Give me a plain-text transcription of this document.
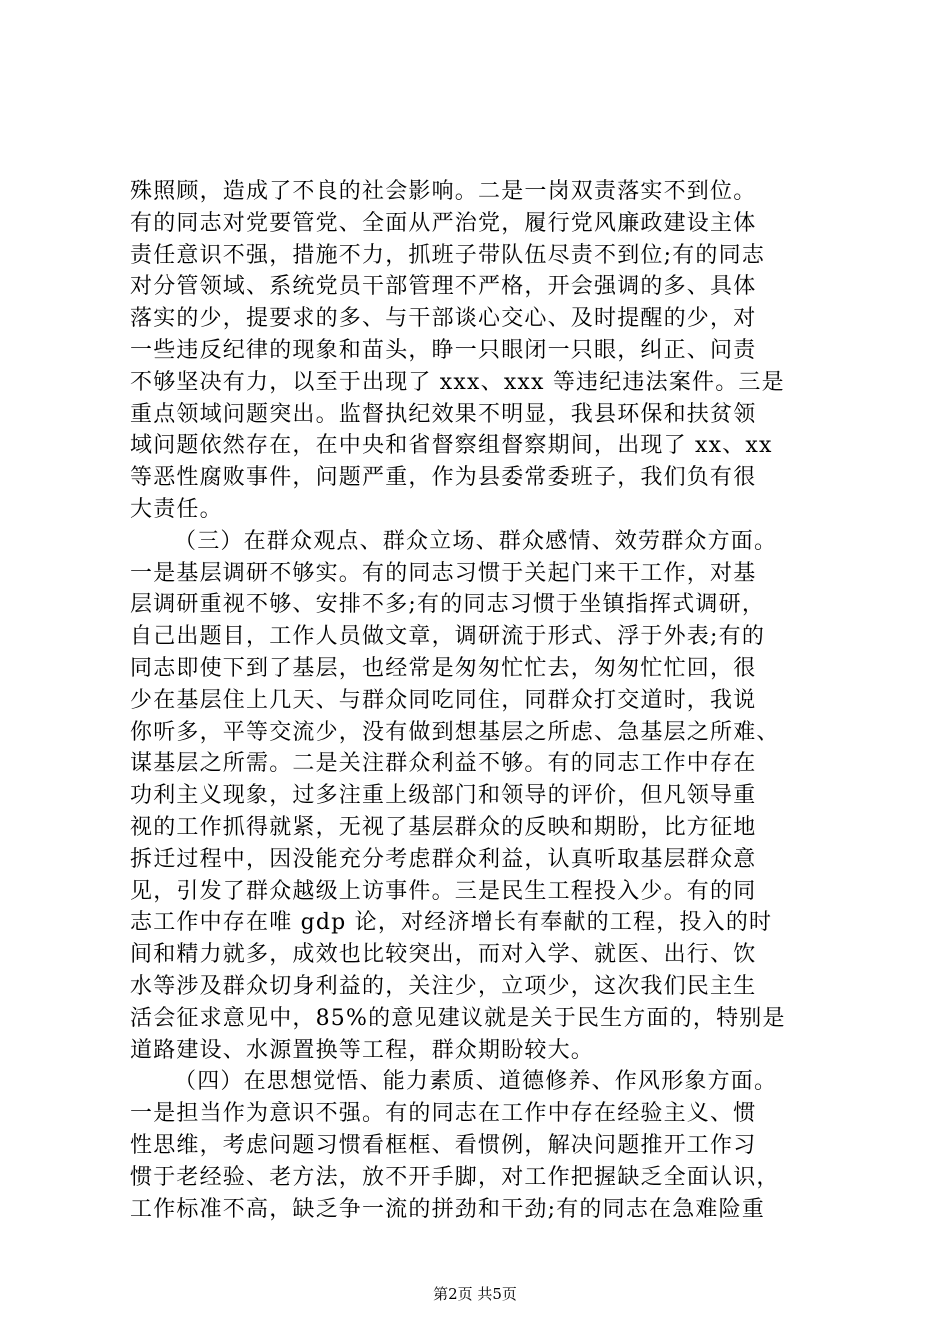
殊照顾，造成了不良的社会影响。二是一岗双责落实不到位。
有的同志对党要管党、全面从严治党，履行党风廉政建设主体
责任意识不强，措施不力，抓班子带队伍尽责不到位;有的同志
对分管领域、系统党员干部管理不严格，开会强调的多、具体
落实的少，提要求的多、与干部谈心交心、及时提醒的少，对
一些违反纪律的现象和苗头，睁一只眼闭一只眼，纠正、问责
不够坚决有力，以至于出现了 xxx、xxx 等违纪违法案件。三是
重点领域问题突出。监督执纪效果不明显，我县环保和扶贫领
域问题依然存在，在中央和省督察组督察期间，出现了 xx、xx
等恶性腐败事件，问题严重，作为县委常委班子，我们负有很
大责任。
（三）在群众观点、群众立场、群众感情、效劳群众方面。
一是基层调研不够实。有的同志习惯于关起门来干工作，对基
层调研重视不够、安排不多;有的同志习惯于坐镇指挥式调研，
自己出题目，工作人员做文章，调研流于形式、浮于外表;有的
同志即使下到了基层，也经常是匆匆忙忙去，匆匆忙忙回，很
少在基层住上几天、与群众同吃同住，同群众打交道时，我说
你听多，平等交流少，没有做到想基层之所虑、急基层之所难、
谋基层之所需。二是关注群众利益不够。有的同志工作中存在
功利主义现象，过多注重上级部门和领导的评价，但凡领导重
视的工作抓得就紧，无视了基层群众的反映和期盼，比方征地
拆迁过程中，因没能充分考虑群众利益，认真听取基层群众意
见，引发了群众越级上访事件。三是民生工程投入少。有的同
志工作中存在唯 gdp 论，对经济增长有奉献的工程，投入的时
间和精力就多，成效也比较突出，而对入学、就医、出行、饮
水等涉及群众切身利益的，关注少，立项少，这次我们民主生
活会征求意见中，85%的意见建议就是关于民生方面的，特别是
道路建设、水源置换等工程，群众期盼较大。
（四）在思想觉悟、能力素质、道德修养、作风形象方面。
一是担当作为意识不强。有的同志在工作中存在经验主义、惯
性思维，考虑问题习惯看框框、看惯例，解决问题推开工作习
惯于老经验、老方法，放不开手脚，对工作把握缺乏全面认识，
工作标准不高，缺乏争一流的拼劲和干劲;有的同志在急难险重
第2页 共5页
